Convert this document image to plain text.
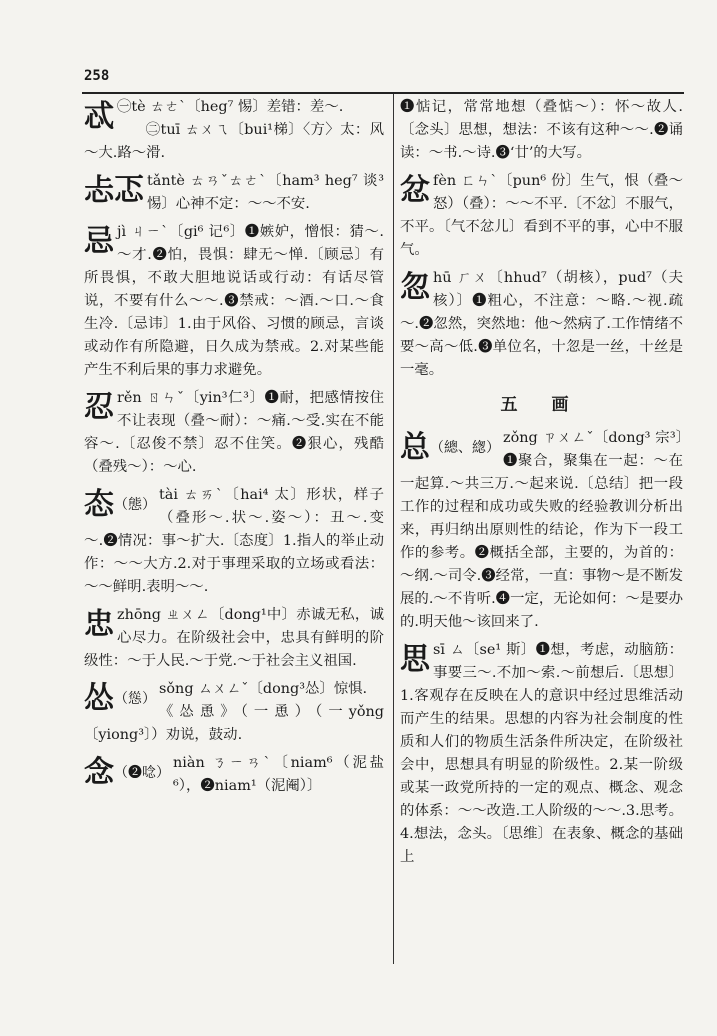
258
忒 ㊀tè ㄊㄜˋ〔heg⁷ 惕〕差错：差～.

㊁tuī ㄊㄨㄟ〔bui¹梯〕〈方〉太：风～大.路～滑.

忐忑 tǎntè ㄊㄢˇㄊㄜˋ〔ham³ heg⁷ 谈³惕〕心神不定：～～不安.

忌 jì ㄐㄧˋ〔gi⁶ 记⁶〕❶嫉妒，憎恨：猜～.～才.❷怕，畏惧：肆无～惮.〔顾忌〕有所畏惧，不敢大胆地说话或行动：有话尽管说，不要有什么～～.❸禁戒：～酒.～口.～食生冷.〔忌讳〕1.由于风俗、习惯的顾忌，言谈或动作有所隐避，日久成为禁戒。2.对某些能产生不利后果的事力求避免。

忍 rěn ㄖㄣˇ〔yin³仁³〕❶耐，把感情按住不让表现（叠～耐）：～痛.～受.实在不能容～.〔忍俊不禁〕忍不住笑。❷狠心，残酷（叠残～）：～心.

态$^{(態)}$

tài ㄊㄞˋ〔hai⁴ 太〕形状，样子（叠形～.状～.姿～）：丑～.变～.❷情况：事～扩大.〔态度〕1.指人的举止动作：～～大方.2.对于事理采取的立场或看法：～～鲜明.表明～～.

忠 zhōng ㄓㄨㄥ〔dong¹中〕赤诚无私，诚心尽力。在阶级社会中，忠具有鲜明的阶级性：～于人民.～于党.～于社会主义祖国.

怂$^{(慫)}$

sǒng ㄙㄨㄥˇ〔dong³怂〕惊惧.

《怂恿》（一恿）（一yǒng〔yiong³〕）劝说，鼓动.

念$^{(❷唸)}$

niàn ㄋㄧㄢˋ〔niam⁶（泥盐⁶），❷niam¹（泥阉）〕

❶惦记，常常地想（叠惦～）：怀～故人.〔念头〕思想，想法：不该有这种～～.❷诵读：～书.～诗.❸‘廿’的大写。

忿 fèn ㄈㄣˋ〔pun⁶ 份〕生气，恨（叠～怒）（叠）：～～不平.〔不忿〕不服气，不平。〔气不忿儿〕看到不平的事，心中不服气。

忽 hū ㄏㄨ〔hhud⁷（胡核），pud⁷（夫核）〕❶粗心，不注意：～略.～视.疏～.❷忽然，突然地：他～然病了.工作情绪不要～高～低.❸单位名，十忽是一丝，十丝是一毫。

五 画
总$^{(總、緫)}$

zǒng ㄗㄨㄥˇ〔dong³ 宗³〕❶聚合，聚集在一起：～在一起算.～共三万.～起来说.〔总结〕把一段工作的过程和成功或失败的经验教训分析出来，再归纳出原则性的结论，作为下一段工作的参考。❷概括全部，主要的，为首的：～纲.～司令.❸经常，一直：事物～是不断发展的.～不肯听.❹一定，无论如何：～是要办的.明天他～该回来了.

思 sī ㄙ〔se¹ 斯〕❶想，考虑，动脑筋：事要三～.不加～索.～前想后.〔思想〕1.客观存在反映在人的意识中经过思维活动而产生的结果。思想的内容为社会制度的性质和人们的物质生活条件所决定，在阶级社会中，思想具有明显的阶级性。2.某一阶级或某一政党所持的一定的观点、概念、观念的体系：～～改造.工人阶级的～～.3.思考。4.想法，念头。〔思维〕在表象、概念的基础上
